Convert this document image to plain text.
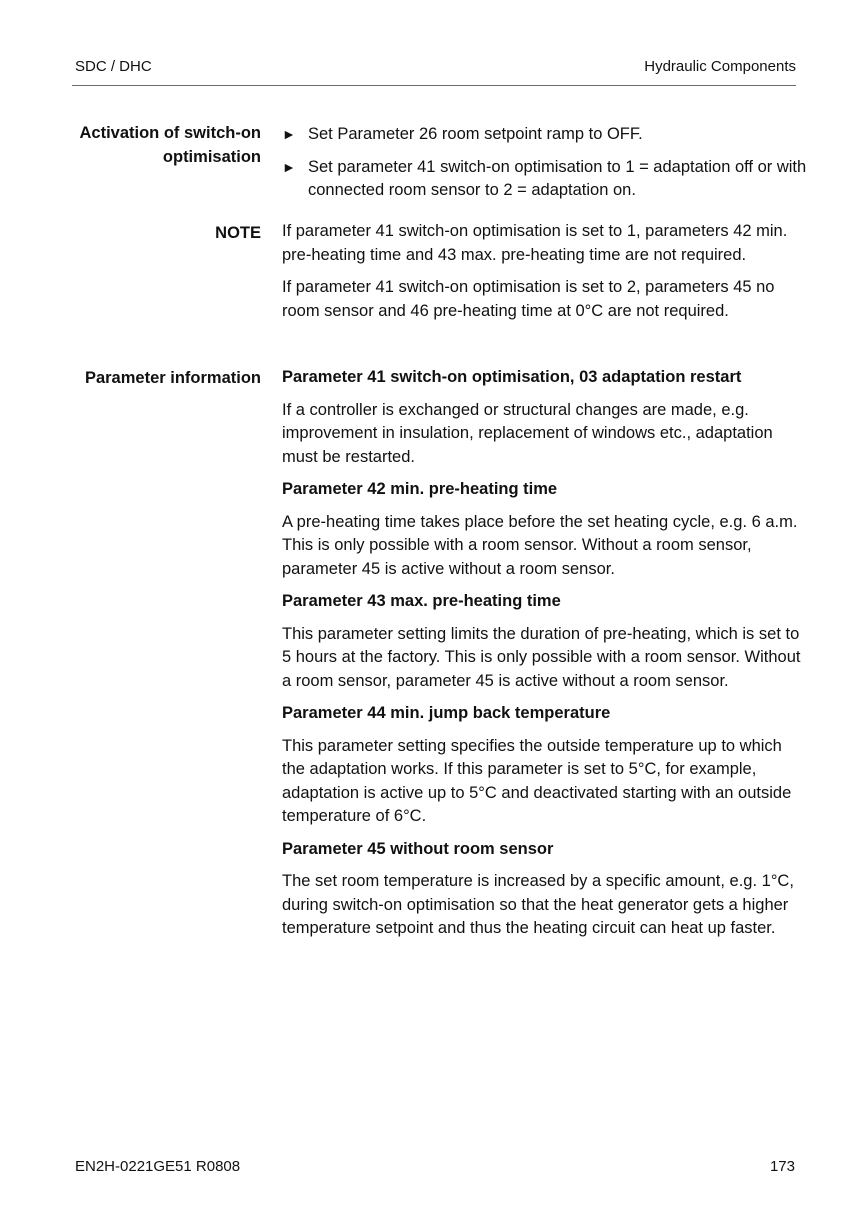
SDC / DHC	Hydraulic Components
Activation of switch-on optimisation
► Set Parameter 26 room setpoint ramp to OFF.
► Set parameter 41 switch-on optimisation to 1 = adaptation off or with connected room sensor to 2 = adaptation on.
NOTE If parameter 41 switch-on optimisation is set to 1, parameters 42 min. pre-heating time and 43 max. pre-heating time are not required.

If parameter 41 switch-on optimisation is set to 2, parameters 45 no room sensor and 46 pre-heating time at 0°C are not required.

Parameter information Parameter 41 switch-on optimisation, 03 adaptation restart

If a controller is exchanged or structural changes are made, e.g. improvement in insulation, replacement of windows etc., adaptation must be restarted.

Parameter 42 min. pre-heating time

A pre-heating time takes place before the set heating cycle, e.g. 6 a.m. This is only possible with a room sensor. Without a room sensor, parameter 45 is active without a room sensor.

Parameter 43 max. pre-heating time

This parameter setting limits the duration of pre-heating, which is set to 5 hours at the factory. This is only possible with a room sensor. Without a room sensor, parameter 45 is active without a room sensor.

Parameter 44 min. jump back temperature

This parameter setting specifies the outside temperature up to which the adaptation works. If this parameter is set to 5°C, for example, adaptation is active up to 5°C and deactivated starting with an outside temperature of 6°C.

Parameter 45 without room sensor

The set room temperature is increased by a specific amount, e.g. 1°C, during switch-on optimisation so that the heat generator gets a higher temperature setpoint and thus the heating circuit can heat up faster.

EN2H-0221GE51 R0808	173
